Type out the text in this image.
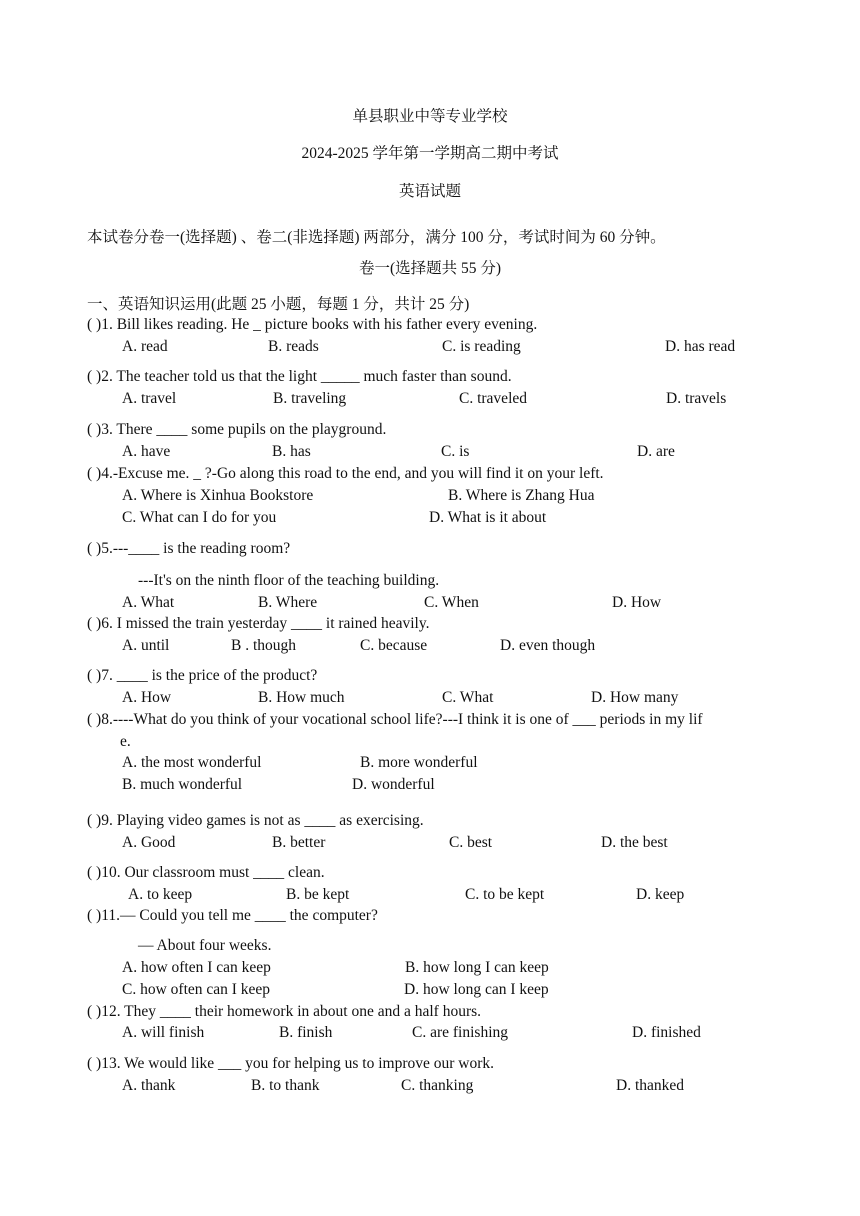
单县职业中等专业学校
2024-2025 学年第一学期高二期中考试
英语试题
本试卷分卷一(选择题) 、卷二(非选择题) 两部分，满分 100 分，考试时间为 60 分钟。
卷一(选择题共 55 分)
一、英语知识运用(此题 25 小题，每题 1 分，共计 25 分)
( )1. Bill likes reading. He _ picture books with his father every evening.
A. read	B. reads	C. is reading	D. has read
( )2. The teacher told us that the light _____ much faster than sound.
A. travel	B. traveling	C. traveled	D. travels
( )3. There ____ some pupils on the playground.
A. have	B. has	C. is	D. are
( )4.-Excuse me. _ ?-Go along this road to the end, and you will find it on your left.
A. Where is Xinhua Bookstore	B. Where is Zhang Hua
C. What can I do for you	D. What is it about
( )5.---____ is the reading room?
---It's on the ninth floor of the teaching building.
A. What	B. Where	C. When	D. How
( )6. I missed the train yesterday ____ it rained heavily.
A. until	B . though	C. because	D. even though
( )7. ____ is the price of the product?
A. How	B. How much	C. What	D. How many
( )8.----What do you think of your vocational school life?---I think it is one of ___ periods in my lif
e.
A. the most wonderful	B. more wonderful
B. much wonderful	D. wonderful
( )9. Playing video games is not as ____ as exercising.
A. Good	B. better	C. best	D. the best
( )10. Our classroom must ____ clean.
A. to keep	B. be kept	C. to be kept	D. keep
( )11.— Could you tell me ____ the computer?
— About four weeks.
A. how often I can keep	B. how long I can keep
C. how often can I keep	D. how long can I keep
( )12. They ____ their homework in about one and a half hours.
A. will finish	B. finish	C. are finishing	D. finished
( )13. We would like ___ you for helping us to improve our work.
A. thank	B. to thank	C. thanking	D. thanked
